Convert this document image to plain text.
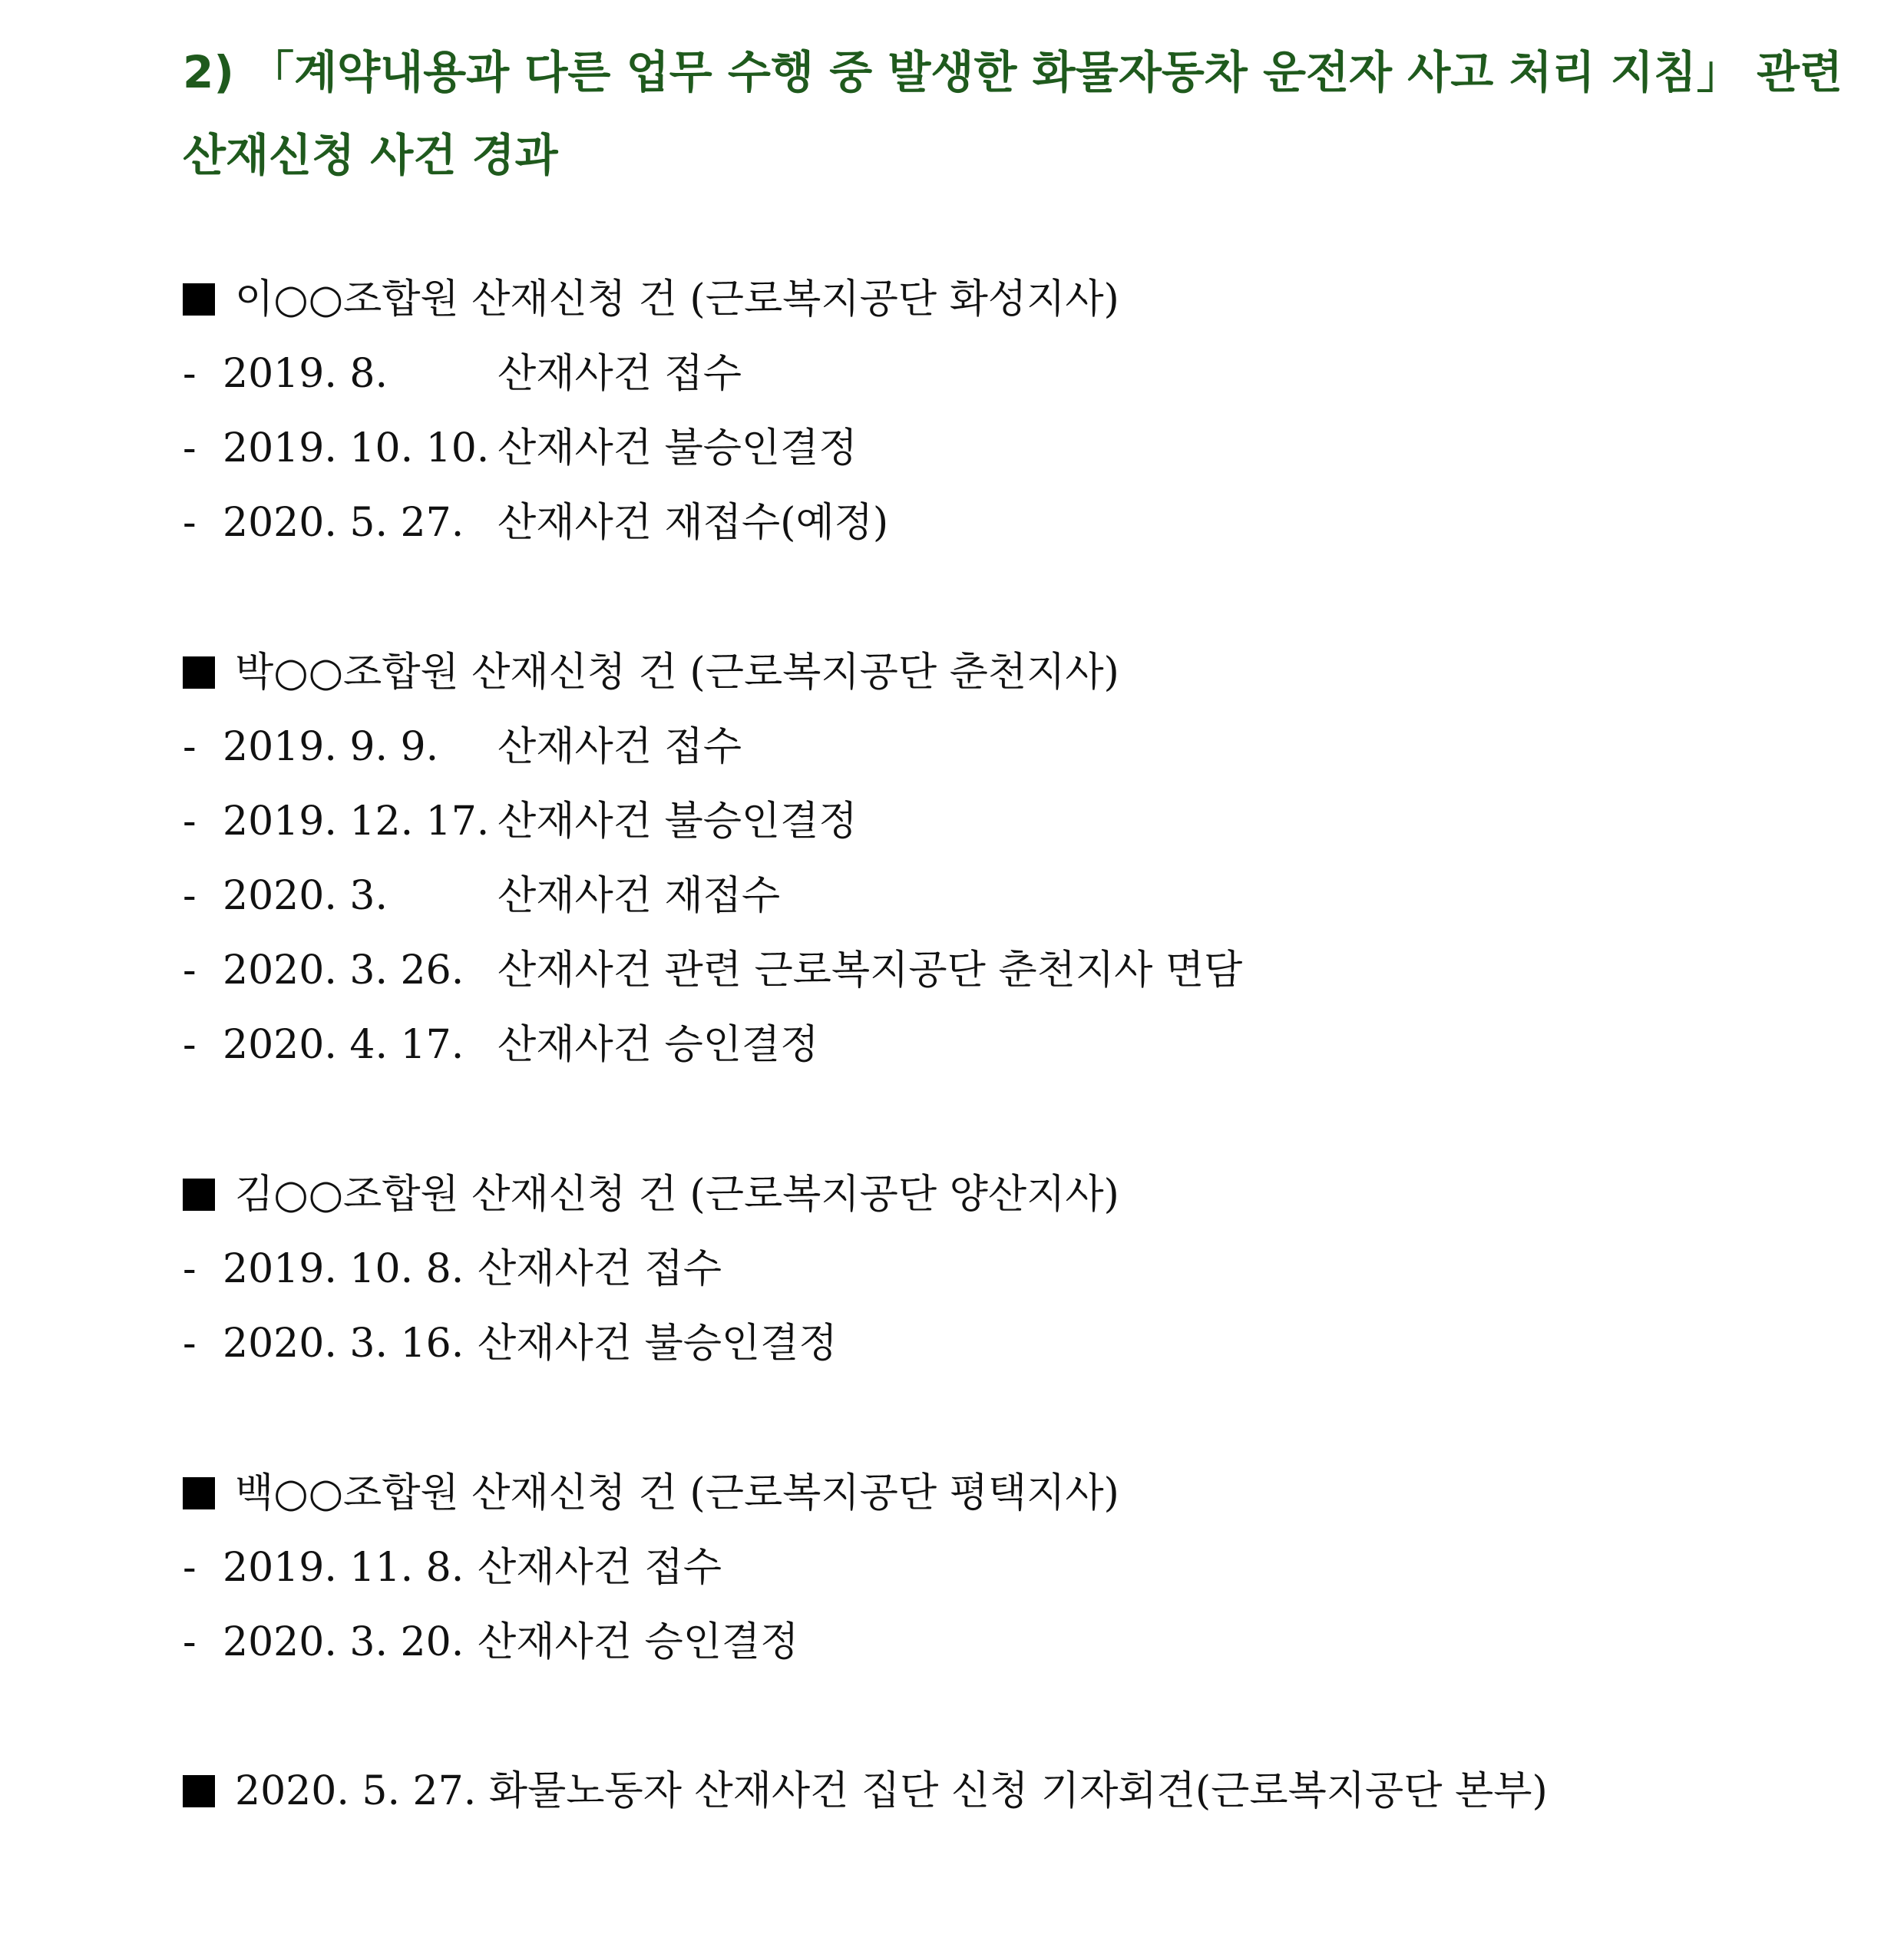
2) 「계약내용과 다른 업무 수행 중 발생한 화물자동차 운전자 사고 처리 지침」 관련
산재신청 사건 경과
이○○조합원 산재신청 건 (근로복지공단 화성지사)
- 2019. 8.	산재사건 접수
- 2019. 10. 10. 산재사건 불승인결정
- 2020. 5. 27. 산재사건 재접수(예정)
박○○조합원 산재신청 건 (근로복지공단 춘천지사)
- 2019. 9. 9. 산재사건 접수
- 2019. 12. 17. 산재사건 불승인결정
- 2020. 3.	산재사건 재접수
- 2020. 3. 26. 산재사건 관련 근로복지공단 춘천지사 면담
- 2020. 4. 17. 산재사건 승인결정
김○○조합원 산재신청 건 (근로복지공단 양산지사)
- 2019. 10. 8. 산재사건 접수
- 2020. 3. 16. 산재사건 불승인결정
백○○조합원 산재신청 건 (근로복지공단 평택지사)
- 2019. 11. 8. 산재사건 접수
- 2020. 3. 20. 산재사건 승인결정
2020. 5. 27. 화물노동자 산재사건 집단 신청 기자회견(근로복지공단 본부)
